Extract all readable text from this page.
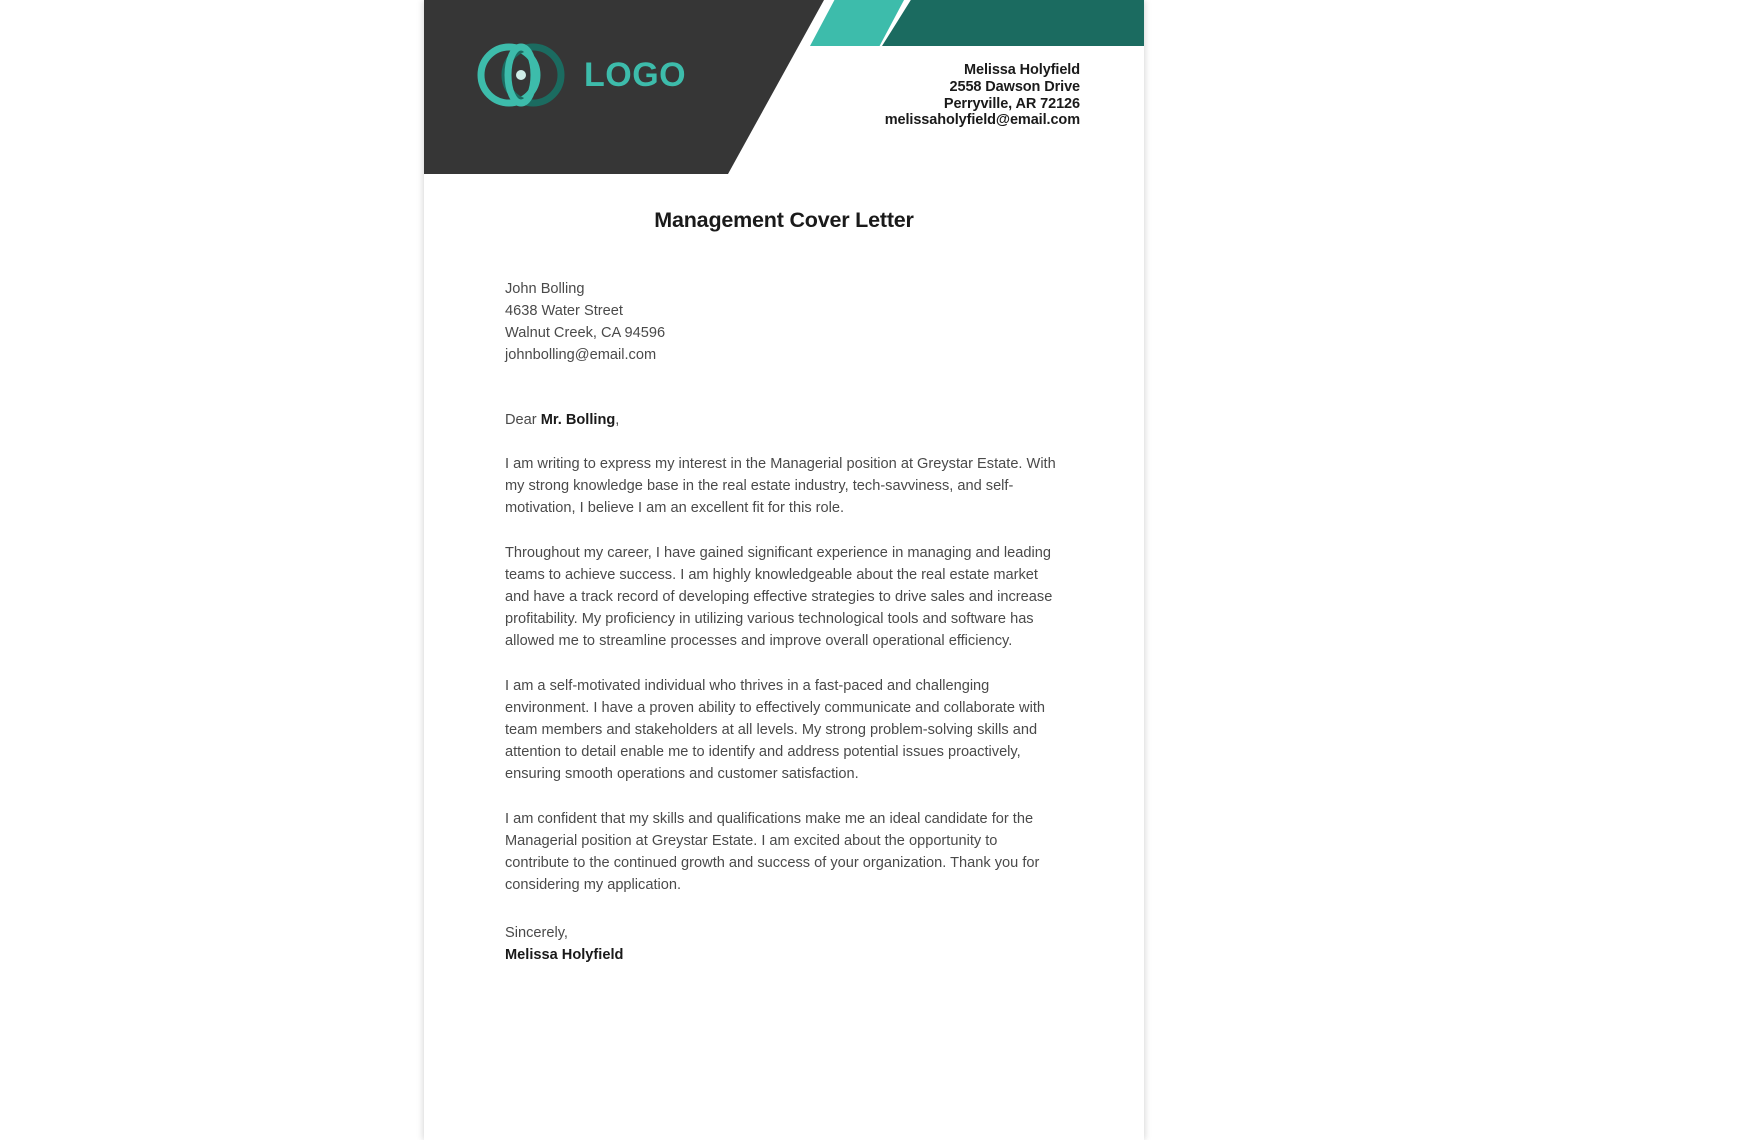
LOGO	Melissa Holyfield
2558 Dawson Drive
Perryville, AR 72126
melissaholyfield@email.com
Management Cover Letter
John Bolling
4638 Water Street
Walnut Creek, CA 94596
johnbolling@email.com
Dear Mr. Bolling,

I am writing to express my interest in the Managerial position at Greystar Estate. With my strong knowledge base in the real estate industry, tech-savviness, and self-motivation, I believe I am an excellent fit for this role.

Throughout my career, I have gained significant experience in managing and leading teams to achieve success. I am highly knowledgeable about the real estate market and have a track record of developing effective strategies to drive sales and increase profitability. My proficiency in utilizing various technological tools and software has allowed me to streamline processes and improve overall operational efficiency.

I am a self-motivated individual who thrives in a fast-paced and challenging environment. I have a proven ability to effectively communicate and collaborate with team members and stakeholders at all levels. My strong problem-solving skills and attention to detail enable me to identify and address potential issues proactively, ensuring smooth operations and customer satisfaction.

I am confident that my skills and qualifications make me an ideal candidate for the Managerial position at Greystar Estate. I am excited about the opportunity to contribute to the continued growth and success of your organization. Thank you for considering my application.

Sincerely,
Melissa Holyfield
